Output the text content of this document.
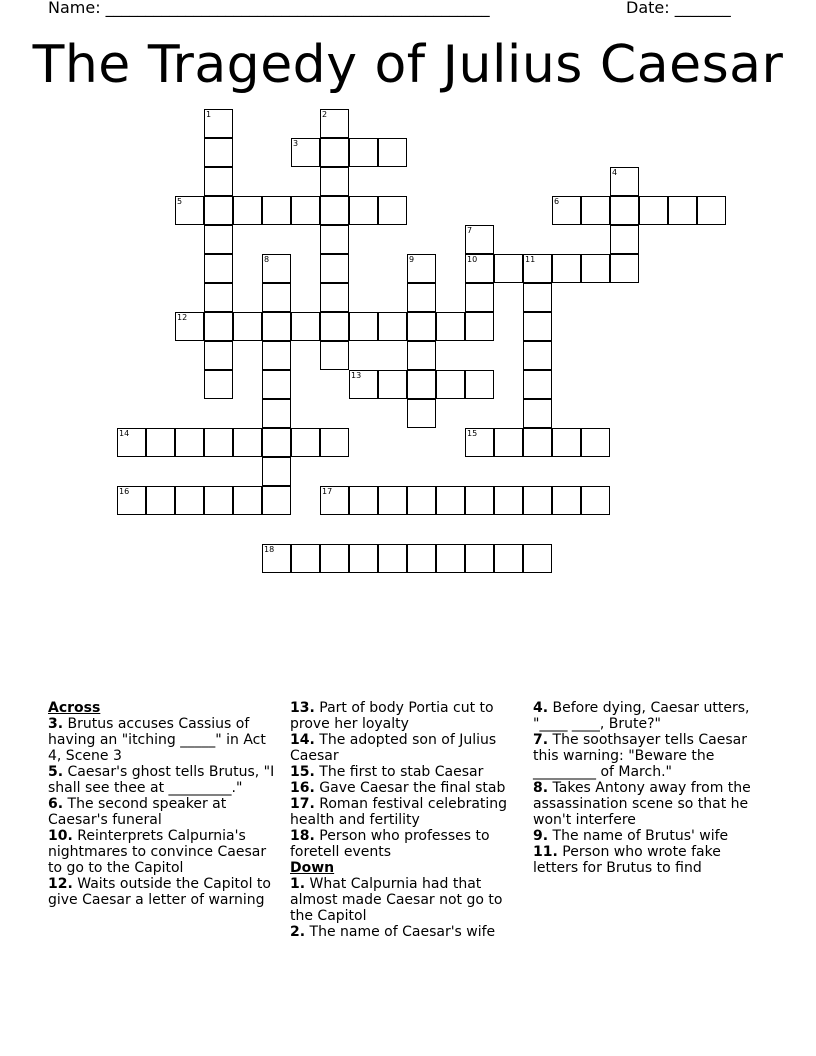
Name: ________________________________________________	Date: _______
The Tragedy of Julius Caesar
1	2
3
4
5	6
7
10
8	9	11
12
13
14	15
16	17
18
Across
3. Brutus accuses Cassius of having an "itching _____" in Act 4, Scene 3
5. Caesar's ghost tells Brutus, "I shall see thee at _________."
6. The second speaker at Caesar's funeral
10. Reinterprets Calpurnia's nightmares to convince Caesar to go to the Capitol
12. Waits outside the Capitol to give Caesar a letter of warning
13. Part of body Portia cut to prove her loyalty
14. The adopted son of Julius Caesar
15. The first to stab Caesar
16. Gave Caesar the final stab
17. Roman festival celebrating health and fertility
18. Person who professes to foretell events
Down
1. What Calpurnia had that almost made Caesar not go to the Capitol
2. The name of Caesar's wife
4. Before dying, Caesar utters, "____ ____, Brute?"
7. The soothsayer tells Caesar this warning: "Beware the _________ of March."
8. Takes Antony away from the assassination scene so that he won't interfere
9. The name of Brutus' wife
11. Person who wrote fake letters for Brutus to find
